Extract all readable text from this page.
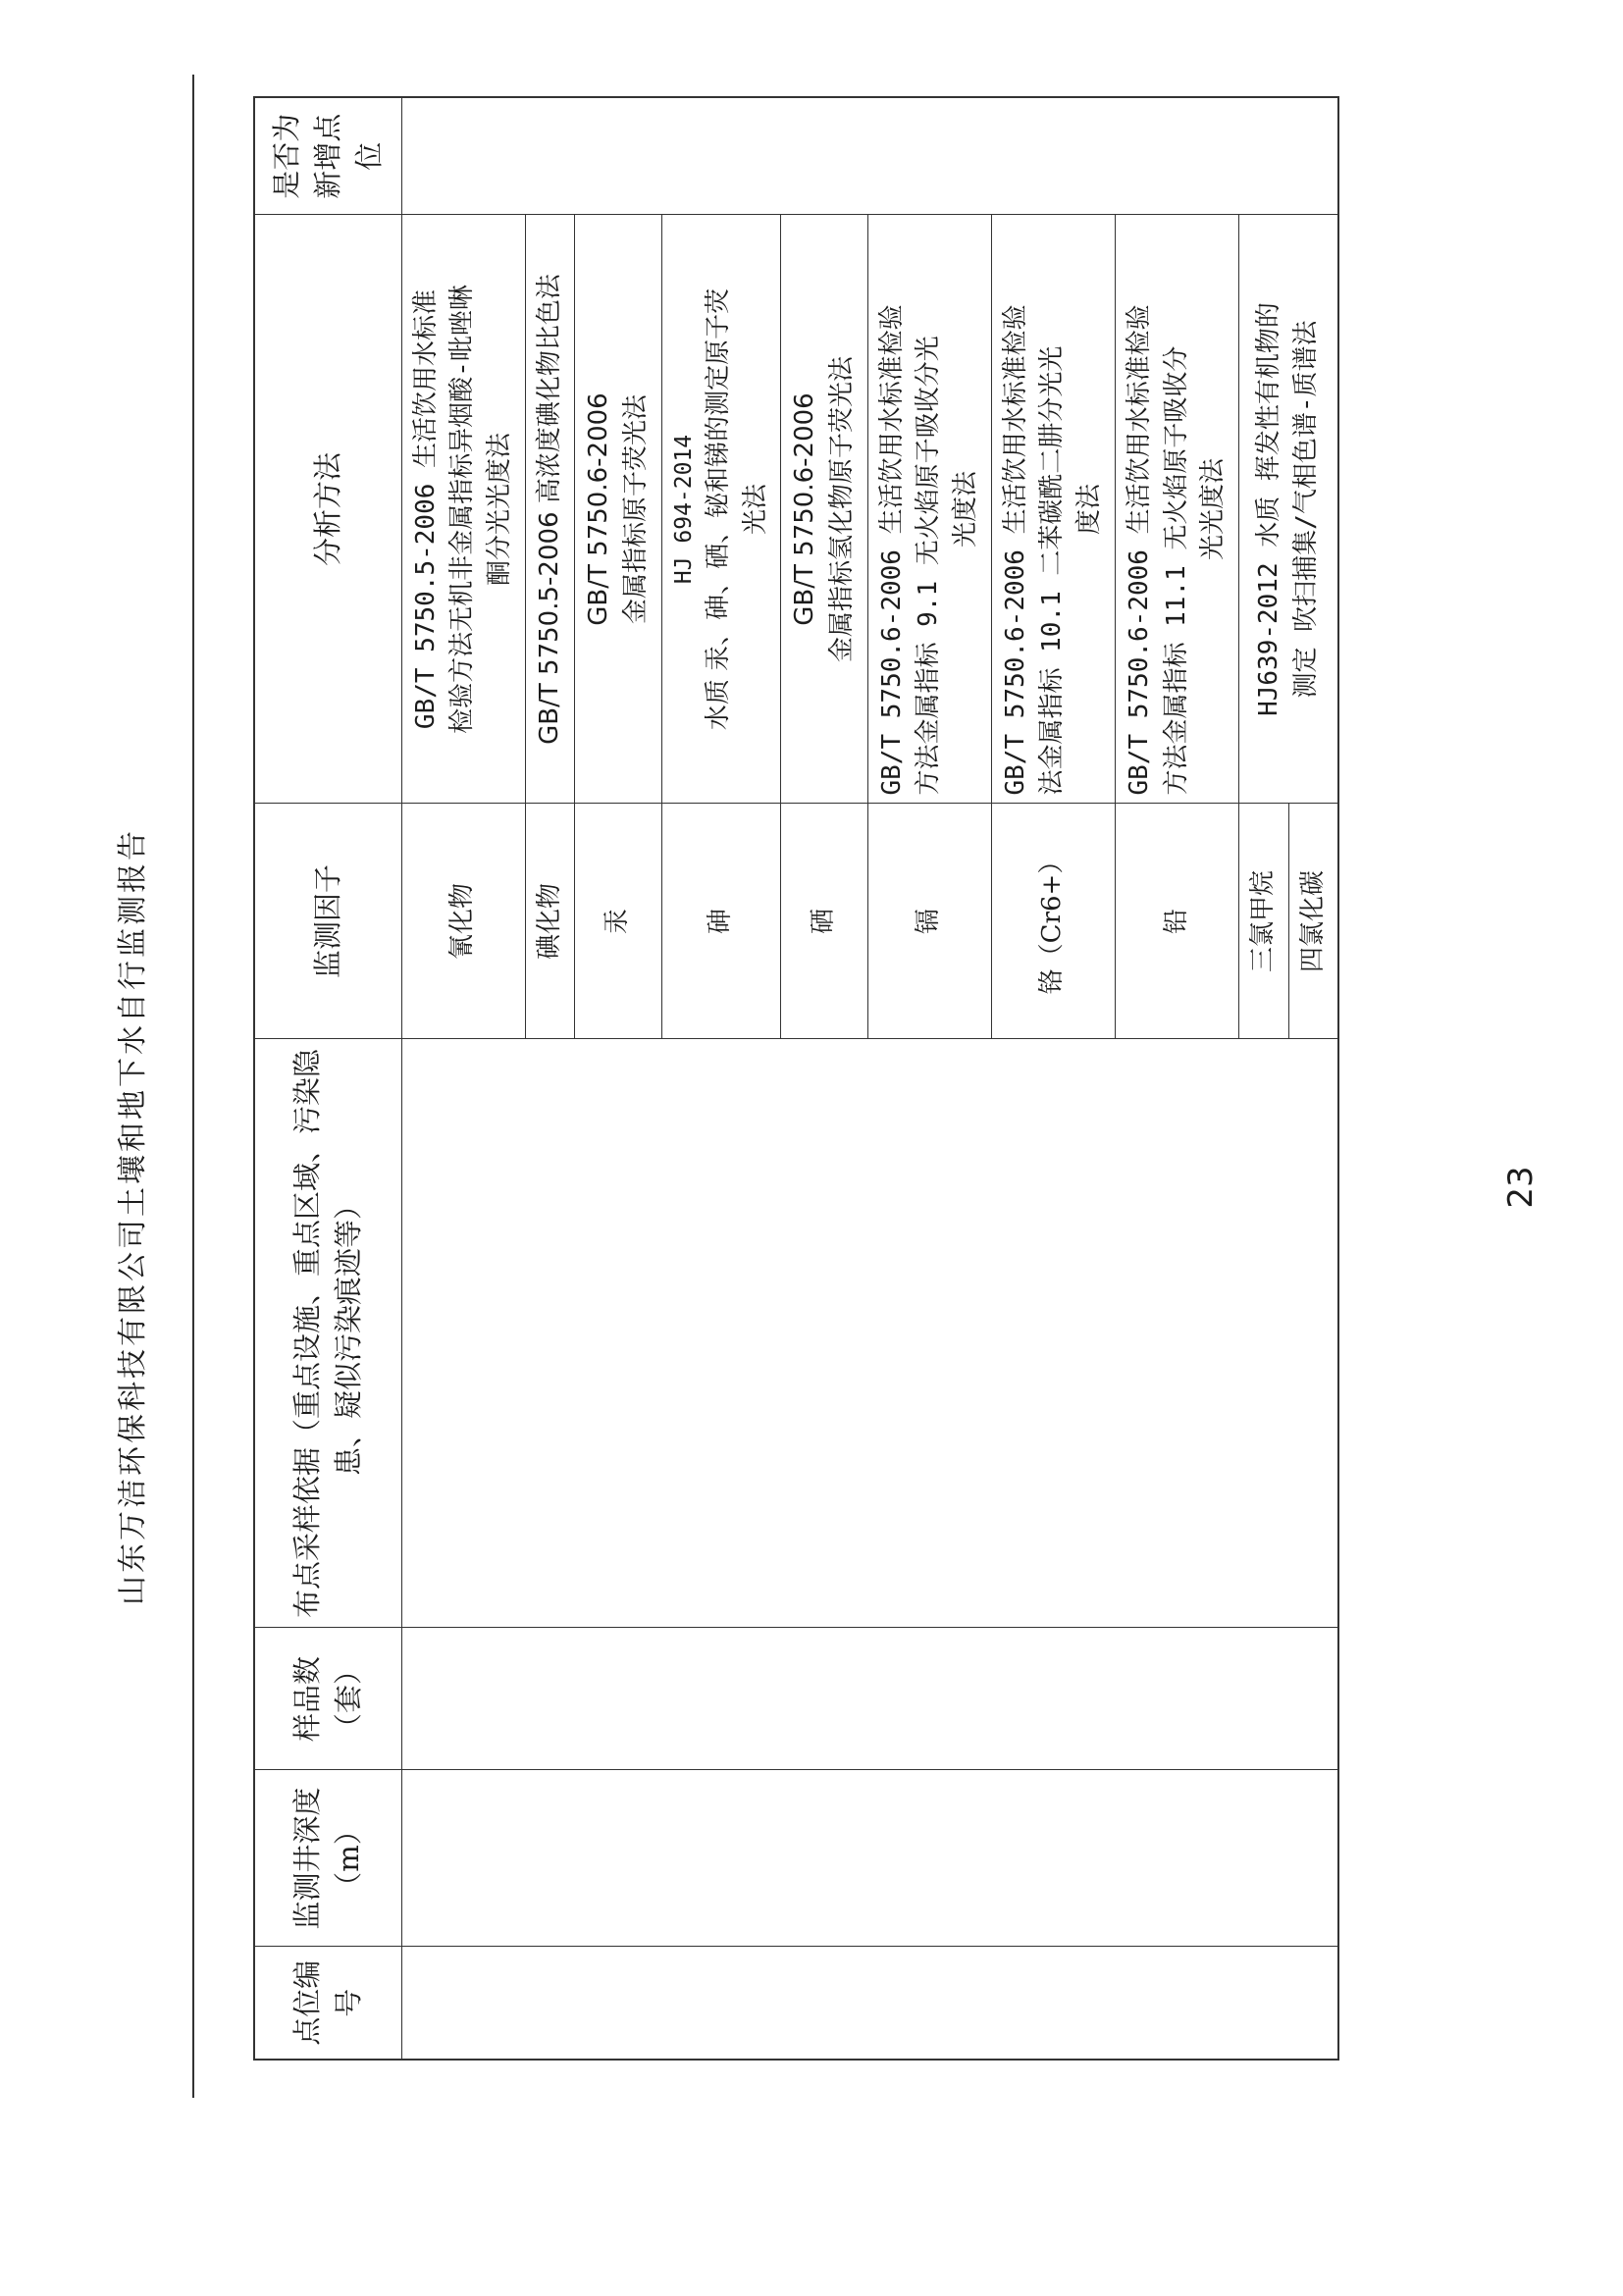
山东万洁环保科技有限公司土壤和地下水自行监测报告
点位编号	监测井深度（m）	样品数（套）	布点采样依据（重点设施、重点区域、污染隐患、疑似污染痕迹等）	监测因子	分析方法	是否为新增点位
				氰化物	GB/T 5750.5-2006 生活饮用水标准 检验方法无机非金属指标异烟酸-吡唑啉 酮分光光度法	

				碘化物	GB/T 5750.5-2006 高浓度碘化物比色法	

				汞	GB/T 5750.6-2006 金属指标原子荧光法	

				砷	HJ 694-2014 水质 汞、砷、硒、铋和锑的测定原子荧 光法	

				硒	GB/T 5750.6-2006 金属指标氢化物原子荧光法	

				镉	GB/T 5750.6-2006 生活饮用水标准检验 方法金属指标 9.1 无火焰原子吸收分光 光度法	

				铬（Cr6+）	GB/T 5750.6-2006 生活饮用水标准检验 法金属指标 10.1 二苯碳酰二肼分光光 度法	

				铅	GB/T 5750.6-2006 生活饮用水标准检验 方法金属指标 11.1 无火焰原子吸收分 光光度法	

				三氯甲烷	HJ639-2012 水质 挥发性有机物的 测定 吹扫捕集/气相色谱-质谱法	

				四氯化碳		
23
